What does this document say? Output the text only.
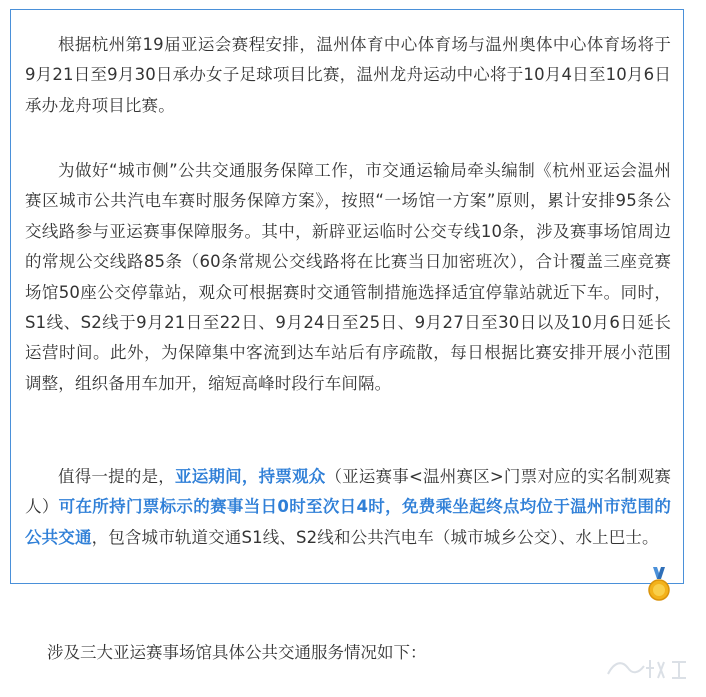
根据杭州第19届亚运会赛程安排，温州体育中心体育场与温州奥体中心体育场将于9月21日至9月30日承办女子足球项目比赛，温州龙舟运动中心将于10月4日至10月6日承办龙舟项目比赛。

为做好“城市侧”公共交通服务保障工作，市交通运输局牵头编制《杭州亚运会温州赛区城市公共汽电车赛时服务保障方案》，按照“一场馆一方案”原则，累计安排95条公交线路参与亚运赛事保障服务。其中，新辟亚运临时公交专线10条，涉及赛事场馆周边的常规公交线路85条（60条常规公交线路将在比赛当日加密班次），合计覆盖三座竞赛场馆50座公交停靠站，观众可根据赛时交通管制措施选择适宜停靠站就近下车。同时，S1线、S2线于9月21日至22日、9月24日至25日、9月27日至30日以及10月6日延长运营时间。此外，为保障集中客流到达车站后有序疏散，每日根据比赛安排开展小范围调整，组织备用车加开，缩短高峰时段行车间隔。

值得一提的是，亚运期间，持票观众（亚运赛事<温州赛区>门票对应的实名制观赛人）可在所持门票标示的赛事当日0时至次日4时，免费乘坐起终点均位于温州市范围的公共交通，包含城市轨道交通S1线、S2线和公共汽电车（城市城乡公交）、水上巴士。

涉及三大亚运赛事场馆具体公共交通服务情况如下：
